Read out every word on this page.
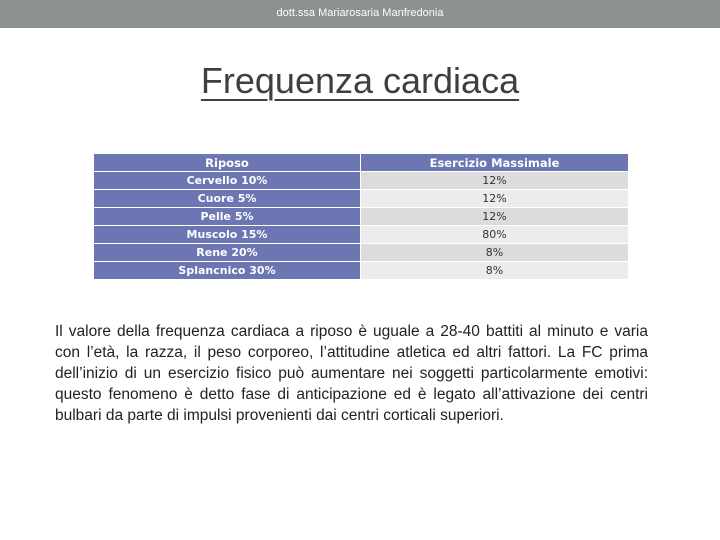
dott.ssa Mariarosaria Manfredonia
Frequenza cardiaca
Riposo	Esercizio Massimale
Cervello 10%	12%
Cuore 5%	12%
Pelle 5%	12%
Muscolo 15%	80%
Rene 20%	8%
Splancnico 30%	8%
Il valore della frequenza cardiaca a riposo è uguale a 28-40 battiti al minuto e varia con l’età, la razza, il peso corporeo, l’attitudine atletica ed altri fattori. La FC prima dell’inizio di un esercizio fisico può aumentare nei soggetti particolarmente emotivi: questo fenomeno è detto fase di anticipazione ed è legato all’attivazione dei centri bulbari da parte di impulsi provenienti dai centri corticali superiori.
